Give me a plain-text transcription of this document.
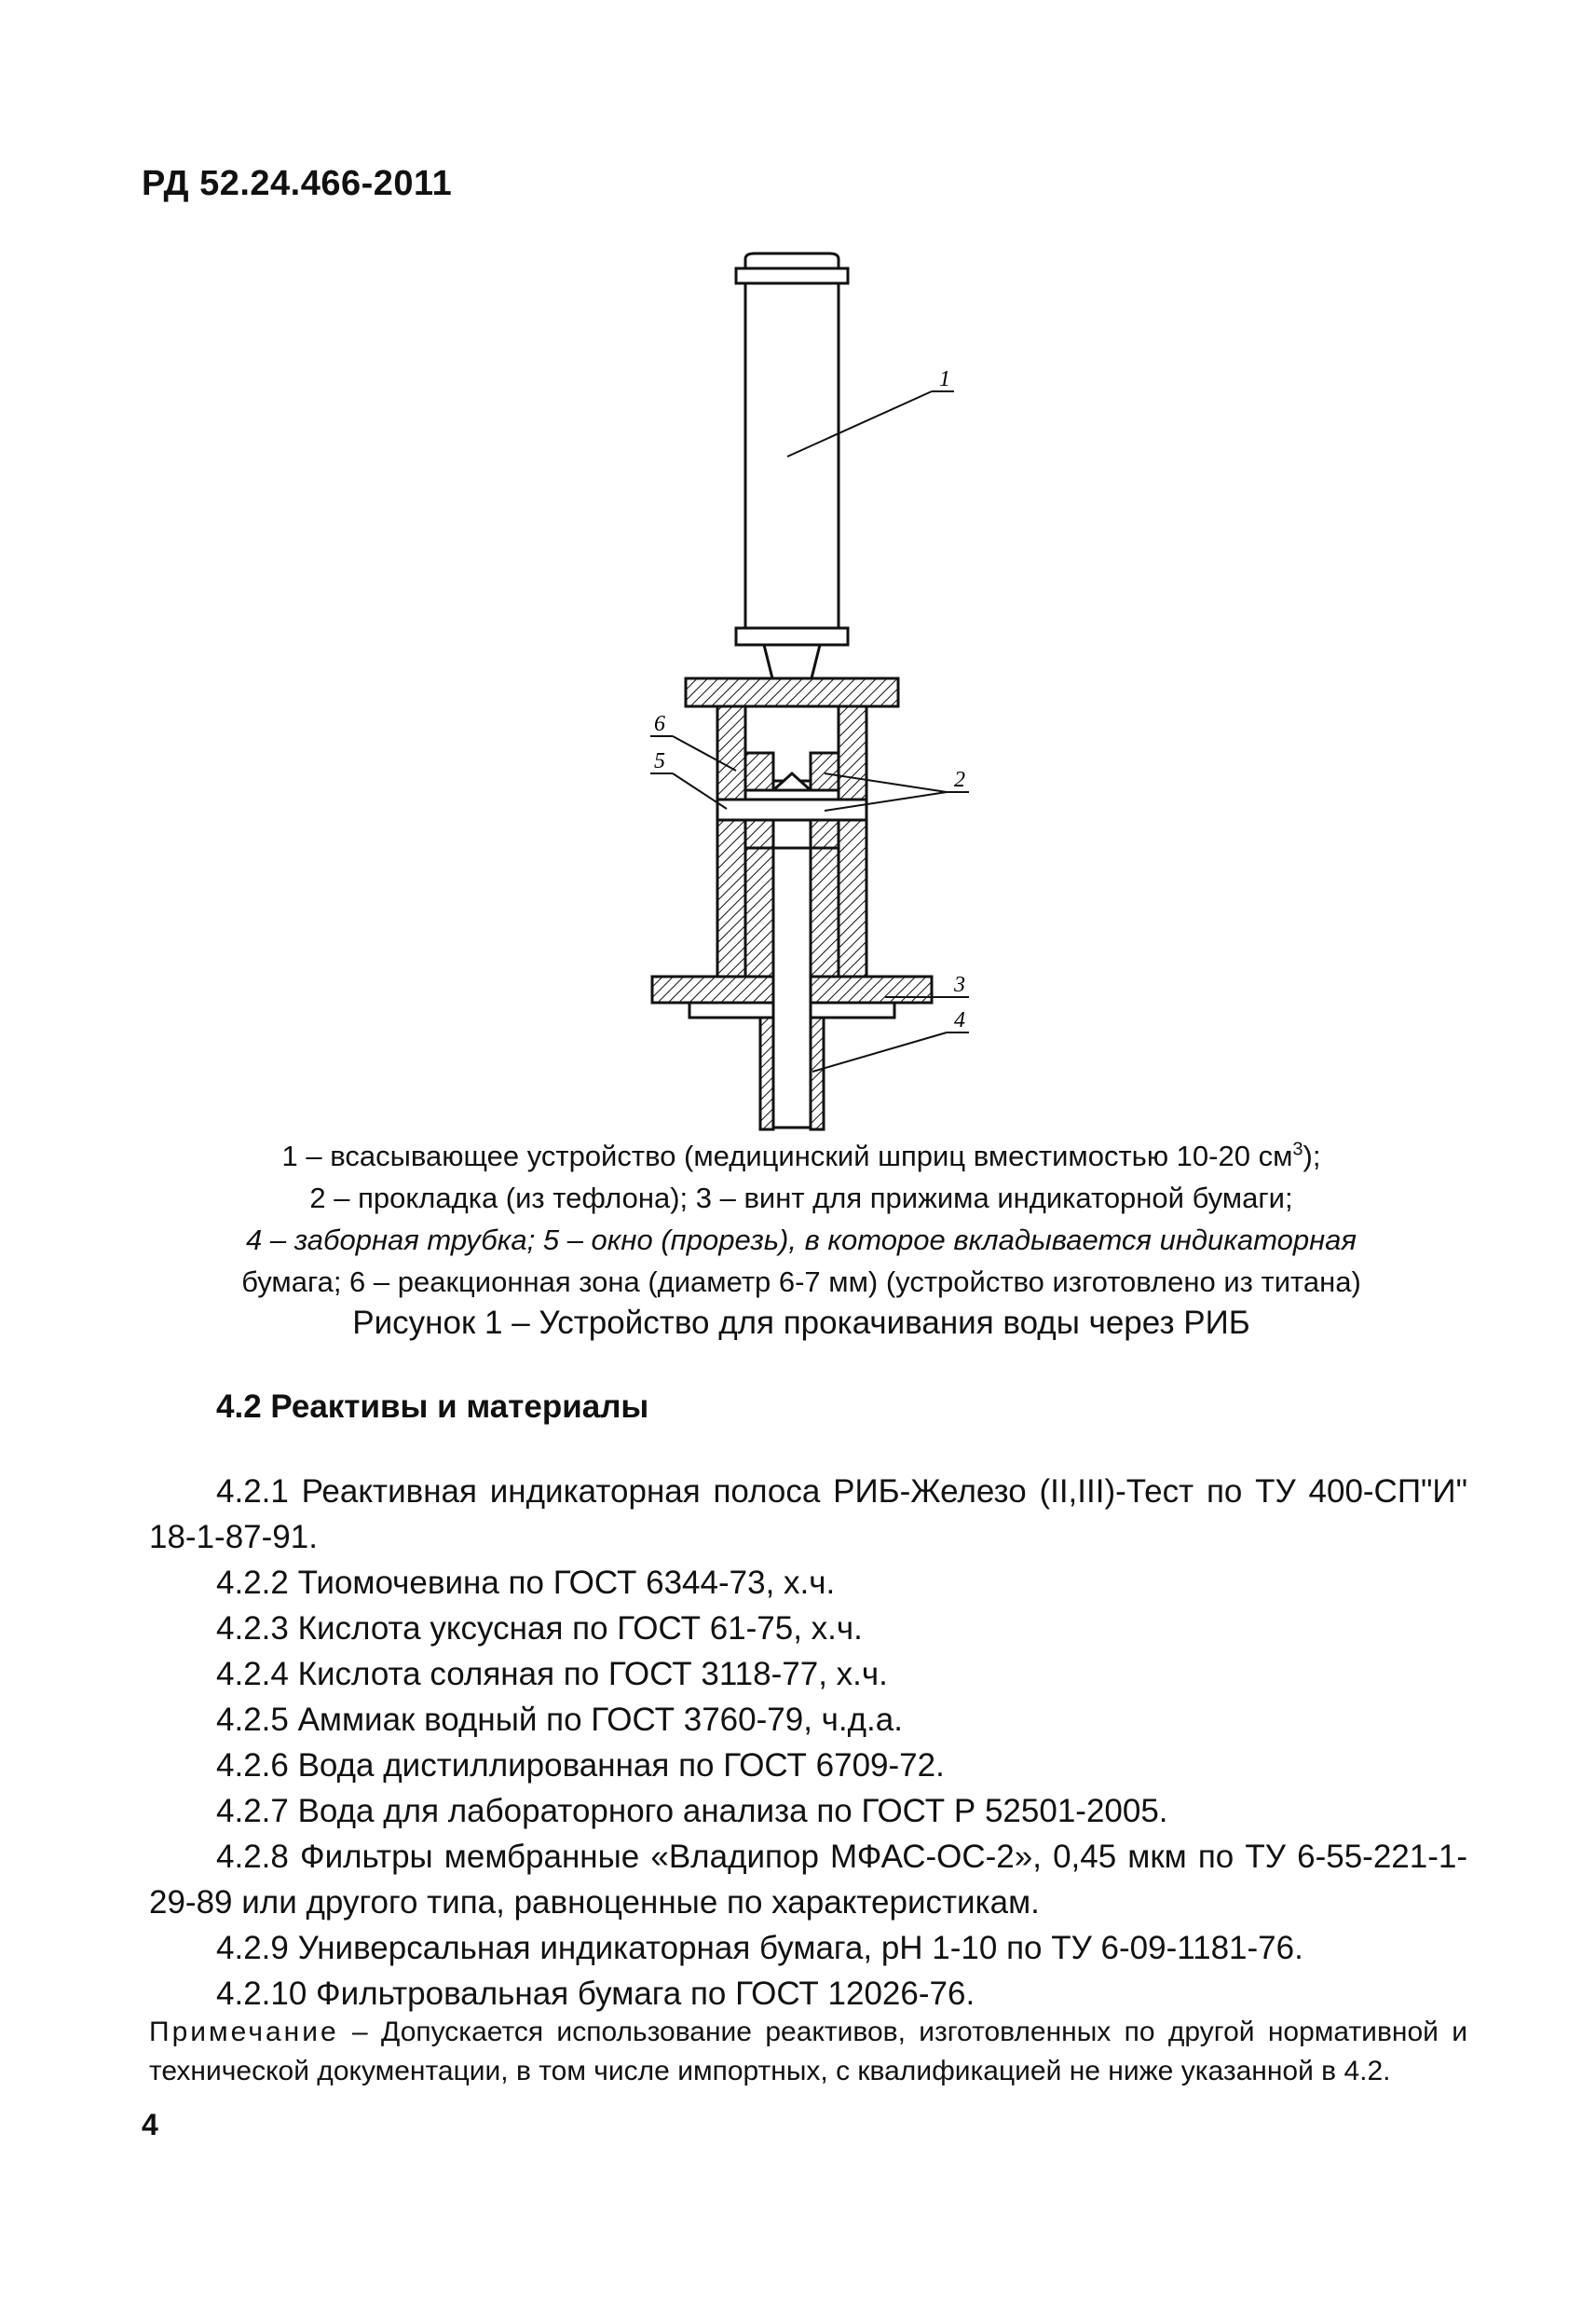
РД 52.24.466-2011
1
2
3
4
5
6

1 – всасывающее устройство (медицинский шприц вместимостью 10-20 $см^3$);

2 – прокладка (из тефлона); 3 – винт для прижима индикаторной бумаги;

4 – заборная трубка; 5 – окно (прорезь), в которое вкладывается индикаторная

бумага; 6 – реакционная зона (диаметр 6-7 мм) (устройство изготовлено из титана)

Рисунок 1 – Устройство для прокачивания воды через РИБ
4.2 Реактивы и материалы

4.2.1 Реактивная индикаторная полоса РИБ-Железо (II,III)-Тест по ТУ 400-СП"И" 18-1-87-91.

4.2.2 Тиомочевина по ГОСТ 6344-73, х.ч.

4.2.3 Кислота уксусная по ГОСТ 61-75, х.ч.

4.2.4 Кислота соляная по ГОСТ 3118-77, х.ч.

4.2.5 Аммиак водный по ГОСТ 3760-79, ч.д.а.

4.2.6 Вода дистиллированная по ГОСТ 6709-72.

4.2.7 Вода для лабораторного анализа по ГОСТ Р 52501-2005.

4.2.8 Фильтры мембранные «Владипор МФАС-ОС-2», 0,45 мкм по ТУ 6-55-221-1-29-89 или другого типа, равноценные по характеристикам.

4.2.9 Универсальная индикаторная бумага, рН 1-10 по ТУ 6-09-1181-76.

4.2.10 Фильтровальная бумага по ГОСТ 12026-76.

Примечание – Допускается использование реактивов, изготовленных по другой нормативной и технической документации, в том числе импортных, с квалификацией не ниже указанной в 4.2.
4
